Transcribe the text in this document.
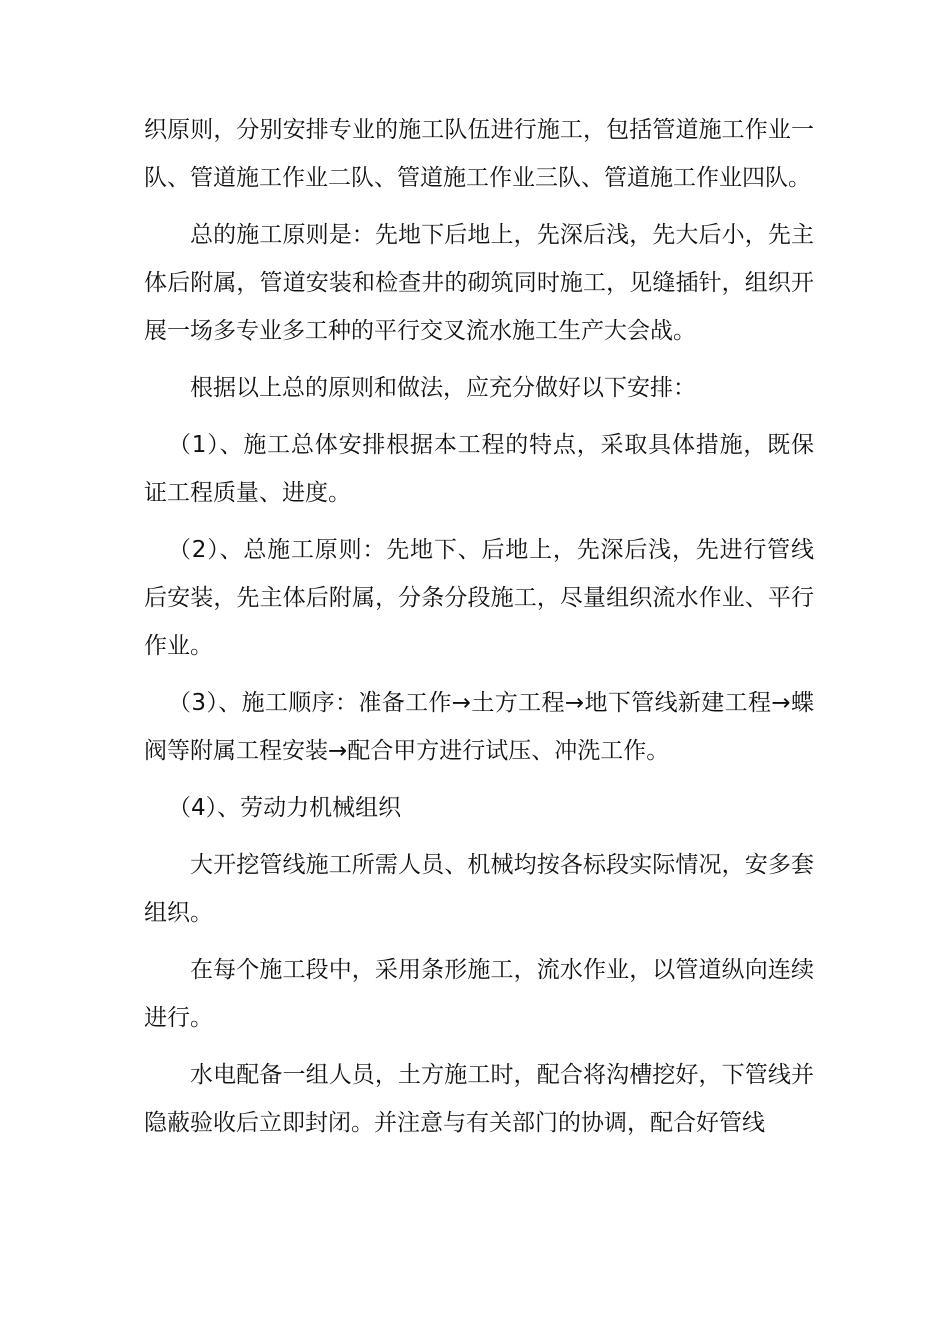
织原则，分别安排专业的施工队伍进行施工，包括管道施工作业一队、管道施工作业二队、管道施工作业三队、管道施工作业四队。

总的施工原则是：先地下后地上，先深后浅，先大后小，先主体后附属，管道安装和检查井的砌筑同时施工，见缝插针，组织开展一场多专业多工种的平行交叉流水施工生产大会战。

根据以上总的原则和做法，应充分做好以下安排：

（1）、施工总体安排根据本工程的特点，采取具体措施，既保证工程质量、进度。

（2）、总施工原则：先地下、后地上，先深后浅，先进行管线后安装，先主体后附属，分条分段施工，尽量组织流水作业、平行作业。

（3）、施工顺序：准备工作→土方工程→地下管线新建工程→蝶阀等附属工程安装→配合甲方进行试压、冲洗工作。

（4）、劳动力机械组织

大开挖管线施工所需人员、机械均按各标段实际情况，安多套组织。

在每个施工段中，采用条形施工，流水作业，以管道纵向连续进行。

水电配备一组人员，土方施工时，配合将沟槽挖好，下管线并隐蔽验收后立即封闭。并注意与有关部门的协调，配合好管线
